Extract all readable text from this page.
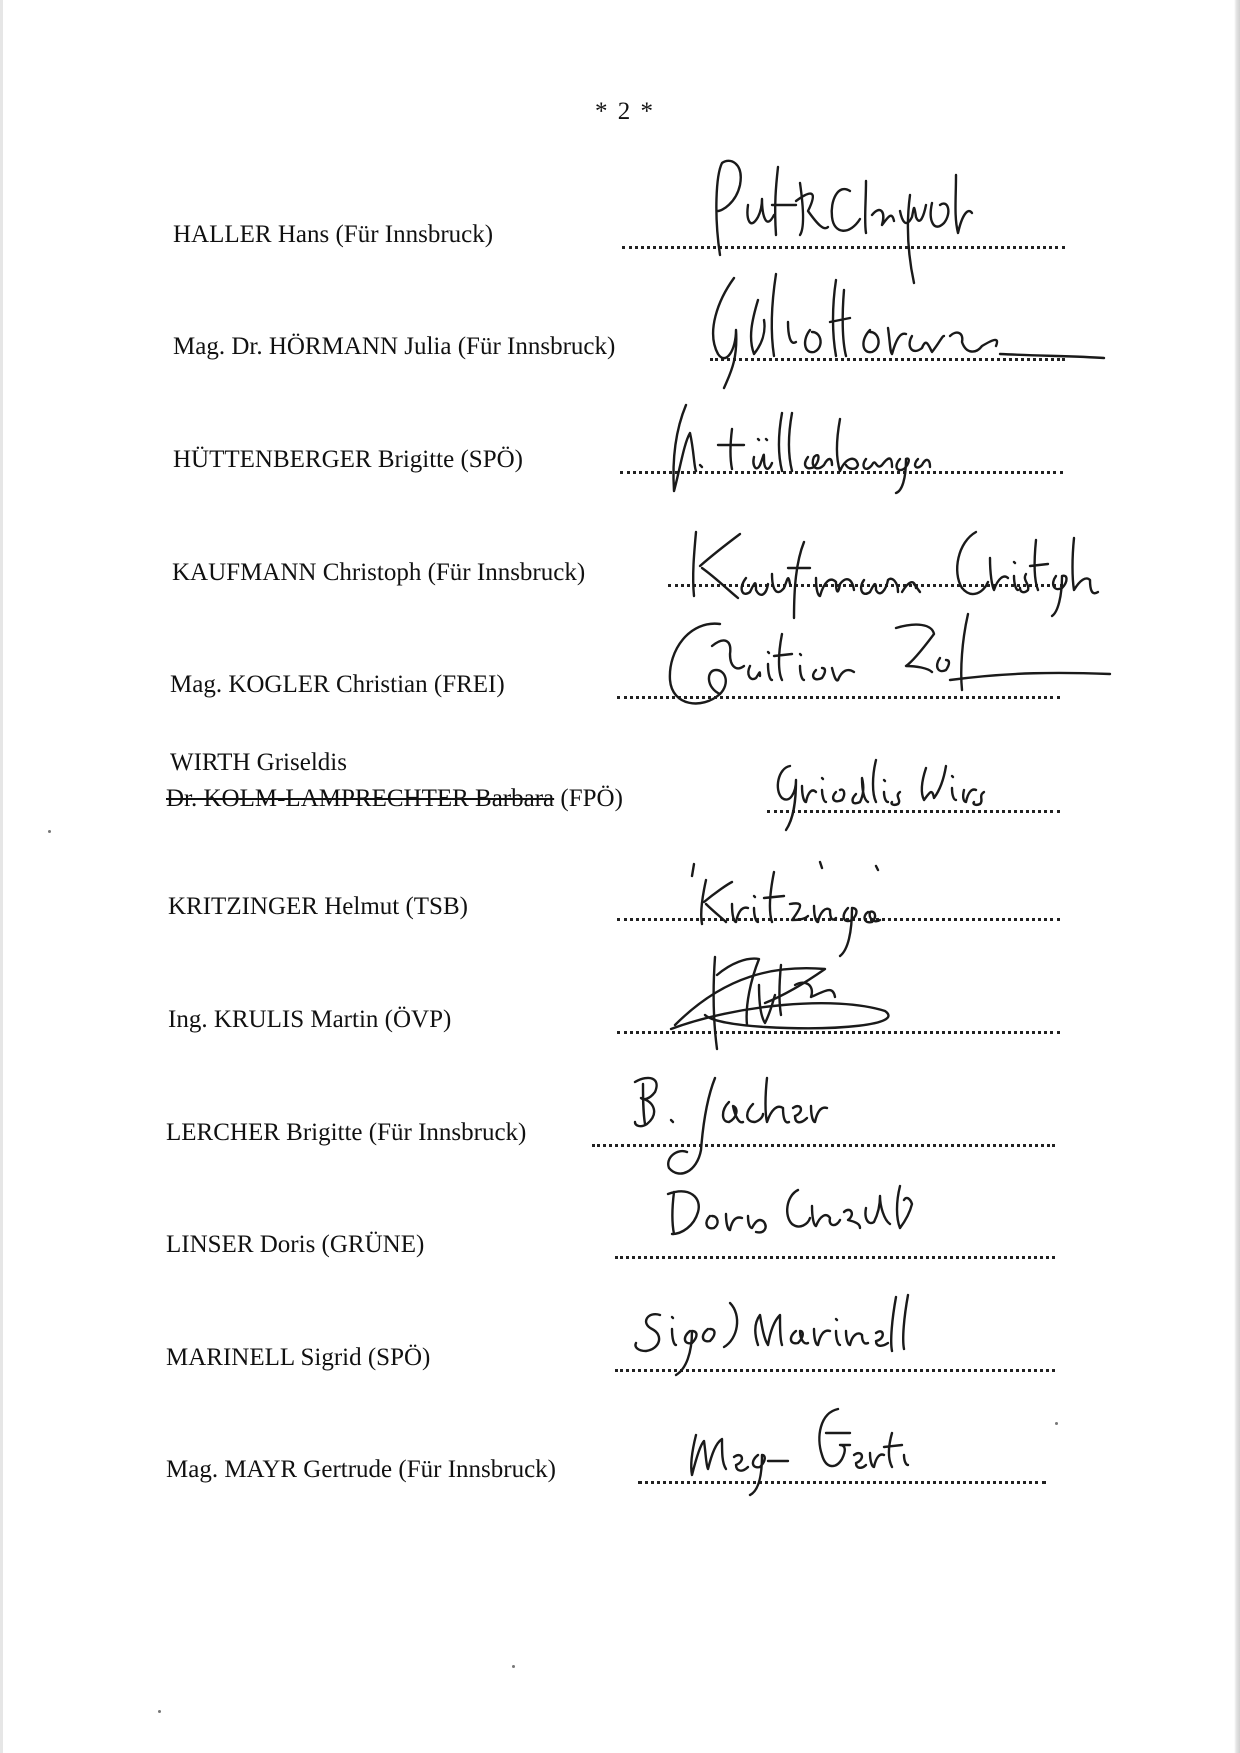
* 2 *
HALLER Hans (Für Innsbruck)
Mag. Dr. HÖRMANN Julia (Für Innsbruck)
HÜTTENBERGER Brigitte (SPÖ)
KAUFMANN Christoph (Für Innsbruck)
Mag. KOGLER Christian (FREI)
WIRTH Griseldis
Dr. KOLM-LAMPRECHTER Barbara (FPÖ)
KRITZINGER Helmut (TSB)
Ing. KRULIS Martin (ÖVP)
LERCHER Brigitte (Für Innsbruck)
LINSER Doris (GRÜNE)
MARINELL Sigrid (SPÖ)
Mag. MAYR Gertrude (Für Innsbruck)
